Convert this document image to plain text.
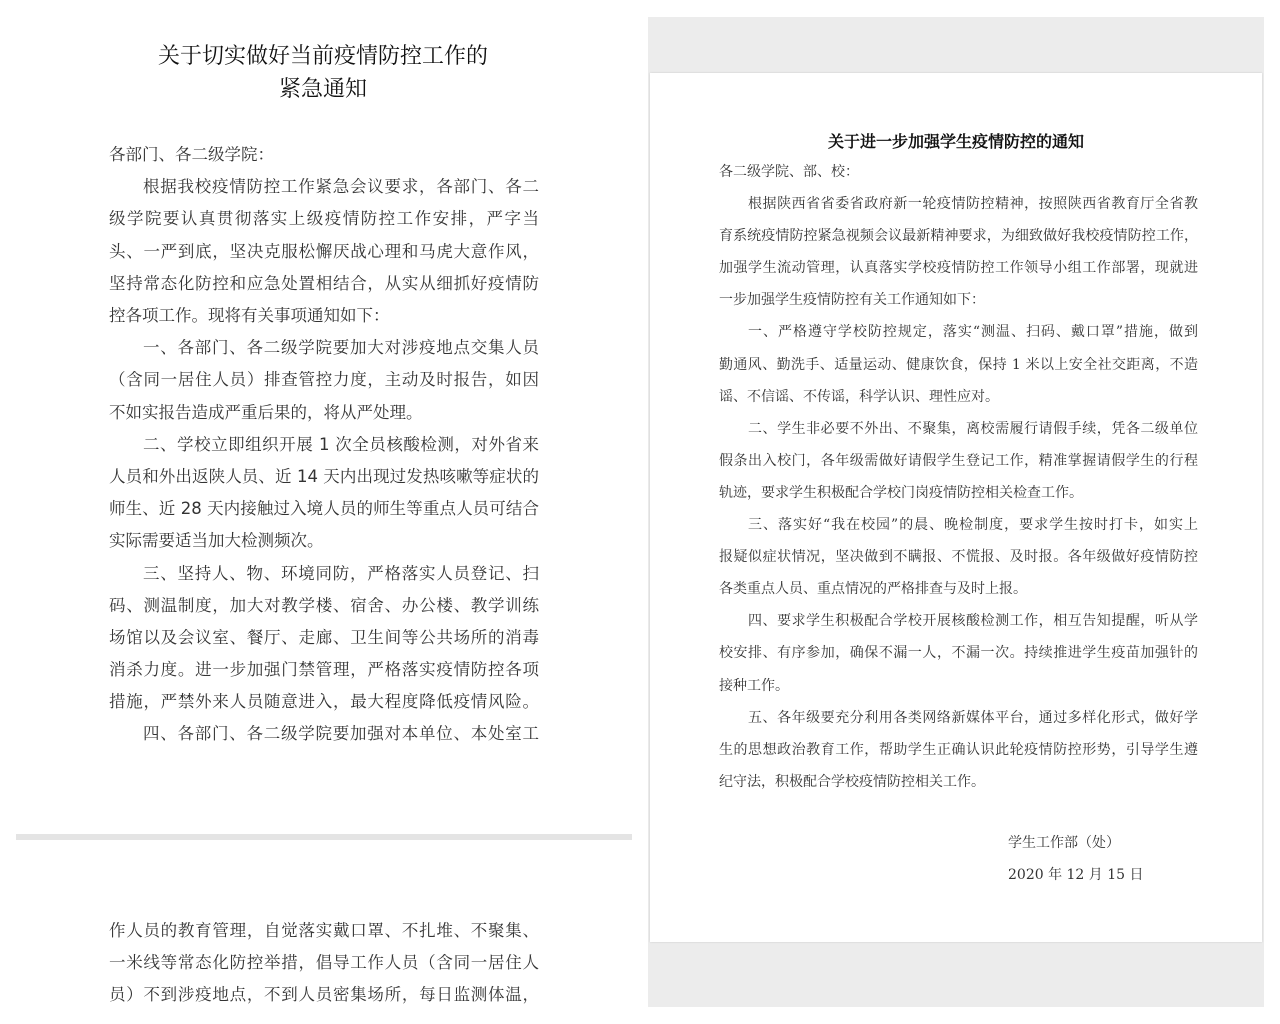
关于切实做好当前疫情防控工作的
紧急通知
各部门、各二级学院：
根据我校疫情防控工作紧急会议要求，各部门、各二
级学院要认真贯彻落实上级疫情防控工作安排，严字当
头、一严到底，坚决克服松懈厌战心理和马虎大意作风，
坚持常态化防控和应急处置相结合，从实从细抓好疫情防
控各项工作。现将有关事项通知如下：
一、各部门、各二级学院要加大对涉疫地点交集人员
（含同一居住人员）排查管控力度，主动及时报告，如因
不如实报告造成严重后果的，将从严处理。
二、学校立即组织开展 1 次全员核酸检测，对外省来
人员和外出返陕人员、近 14 天内出现过发热咳嗽等症状的
师生、近 28 天内接触过入境人员的师生等重点人员可结合
实际需要适当加大检测频次。
三、坚持人、物、环境同防，严格落实人员登记、扫
码、测温制度，加大对教学楼、宿舍、办公楼、教学训练
场馆以及会议室、餐厅、走廊、卫生间等公共场所的消毒
消杀力度。进一步加强门禁管理，严格落实疫情防控各项
措施，严禁外来人员随意进入，最大程度降低疫情风险。
四、各部门、各二级学院要加强对本单位、本处室工
作人员的教育管理，自觉落实戴口罩、不扎堆、不聚集、
一米线等常态化防控举措，倡导工作人员（含同一居住人
员）不到涉疫地点，不到人员密集场所，每日监测体温，
关于进一步加强学生疫情防控的通知
各二级学院、部、校：
根据陕西省省委省政府新一轮疫情防控精神，按照陕西省教育厅全省教
育系统疫情防控紧急视频会议最新精神要求，为细致做好我校疫情防控工作，
加强学生流动管理，认真落实学校疫情防控工作领导小组工作部署，现就进
一步加强学生疫情防控有关工作通知如下：
一、严格遵守学校防控规定，落实“测温、扫码、戴口罩”措施，做到
勤通风、勤洗手、适量运动、健康饮食，保持 1 米以上安全社交距离，不造
谣、不信谣、不传谣，科学认识、理性应对。
二、学生非必要不外出、不聚集，离校需履行请假手续，凭各二级单位
假条出入校门，各年级需做好请假学生登记工作，精准掌握请假学生的行程
轨迹，要求学生积极配合学校门岗疫情防控相关检查工作。
三、落实好“我在校园”的晨、晚检制度，要求学生按时打卡，如实上
报疑似症状情况，坚决做到不瞒报、不慌报、及时报。各年级做好疫情防控
各类重点人员、重点情况的严格排查与及时上报。
四、要求学生积极配合学校开展核酸检测工作，相互告知提醒，听从学
校安排、有序参加，确保不漏一人，不漏一次。持续推进学生疫苗加强针的
接种工作。
五、各年级要充分利用各类网络新媒体平台，通过多样化形式，做好学
生的思想政治教育工作，帮助学生正确认识此轮疫情防控形势，引导学生遵
纪守法，积极配合学校疫情防控相关工作。
学生工作部（处）
2020 年 12 月 15 日
